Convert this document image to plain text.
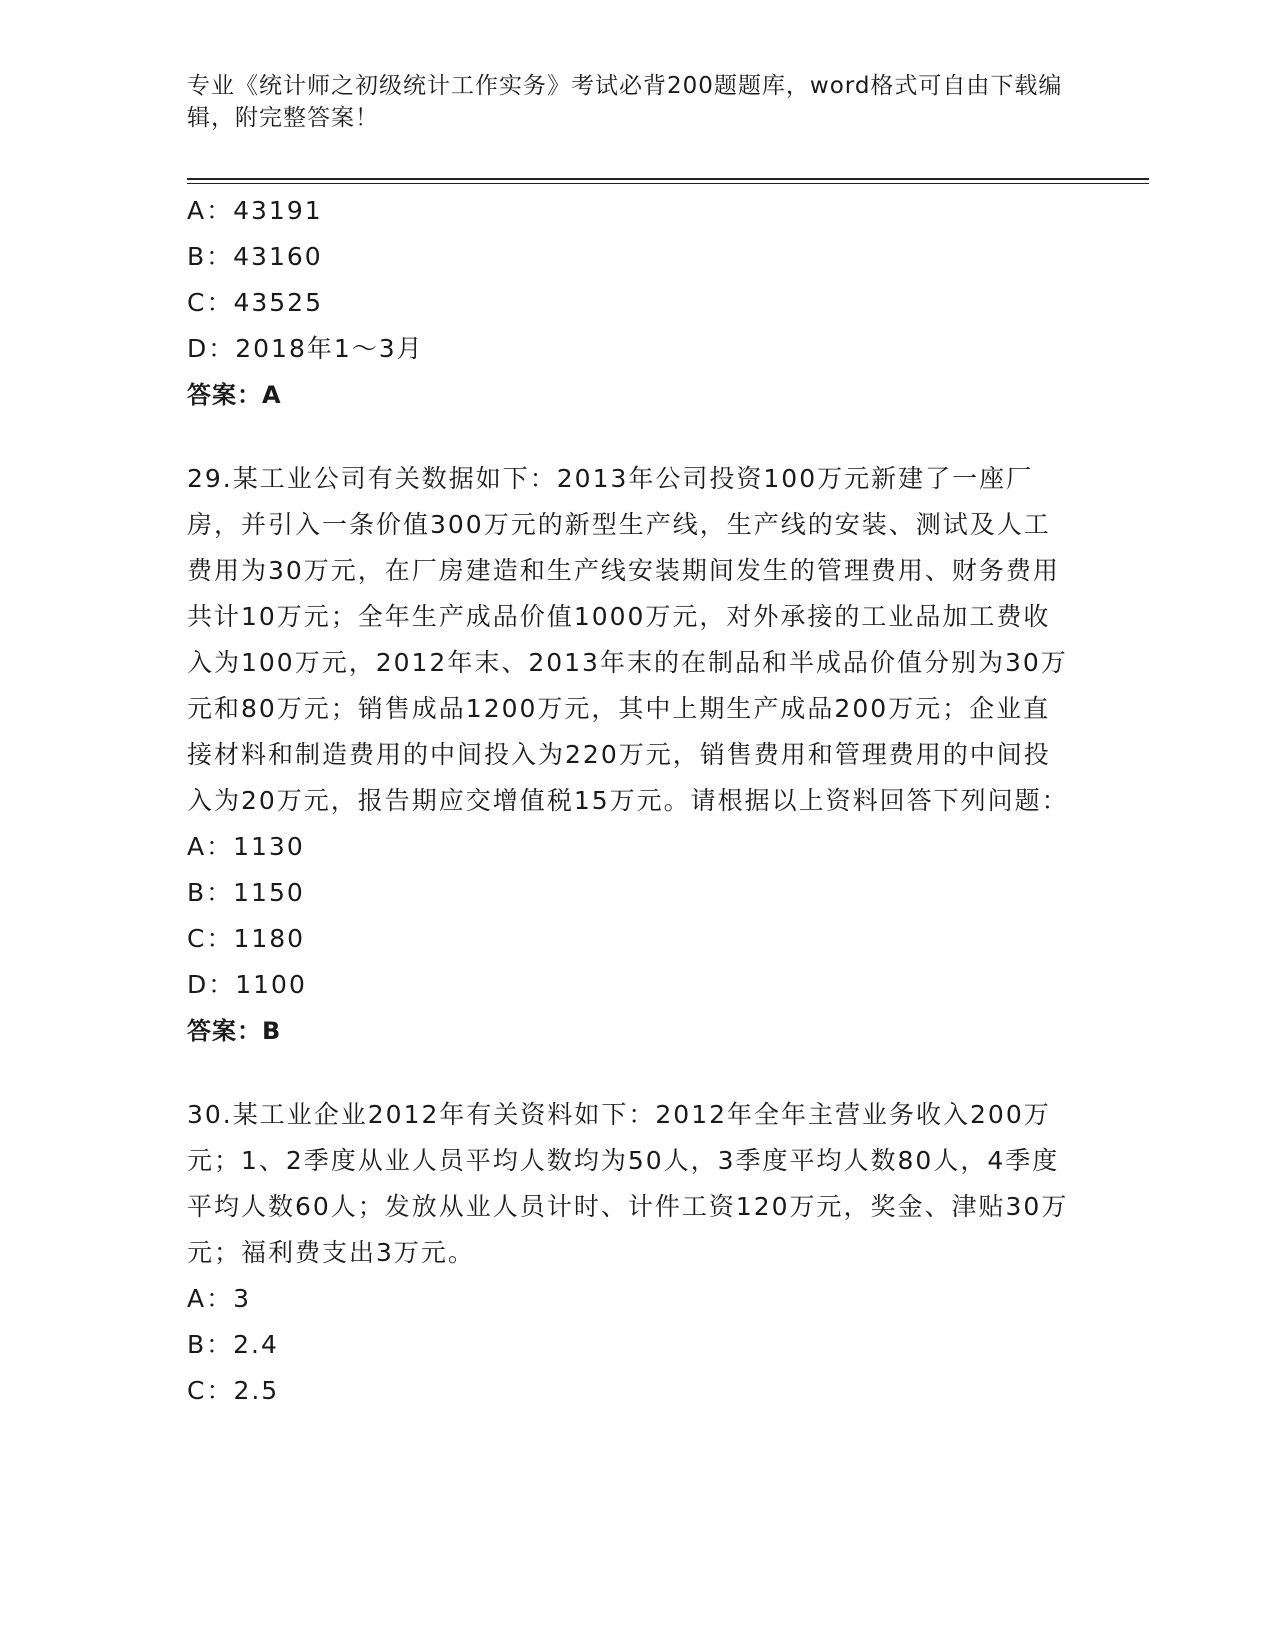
专业《统计师之初级统计工作实务》考试必背200题题库，word格式可自由下载编辑，附完整答案！
A：43191
B：43160
C：43525
D：2018年1～3月
答案：A
29.某工业公司有关数据如下：2013年公司投资100万元新建了一座厂房，并引入一条价值300万元的新型生产线，生产线的安装、测试及人工费用为30万元，在厂房建造和生产线安装期间发生的管理费用、财务费用共计10万元；全年生产成品价值1000万元，对外承接的工业品加工费收入为100万元，2012年末、2013年末的在制品和半成品价值分别为30万元和80万元；销售成品1200万元，其中上期生产成品200万元；企业直接材料和制造费用的中间投入为220万元，销售费用和管理费用的中间投入为20万元，报告期应交增值税15万元。请根据以上资料回答下列问题：
A：1130
B：1150
C：1180
D：1100
答案：B
30.某工业企业2012年有关资料如下：2012年全年主营业务收入200万元；1、2季度从业人员平均人数均为50人，3季度平均人数80人，4季度平均人数60人；发放从业人员计时、计件工资120万元，奖金、津贴30万元；福利费支出3万元。
A：3
B：2.4
C：2.5
